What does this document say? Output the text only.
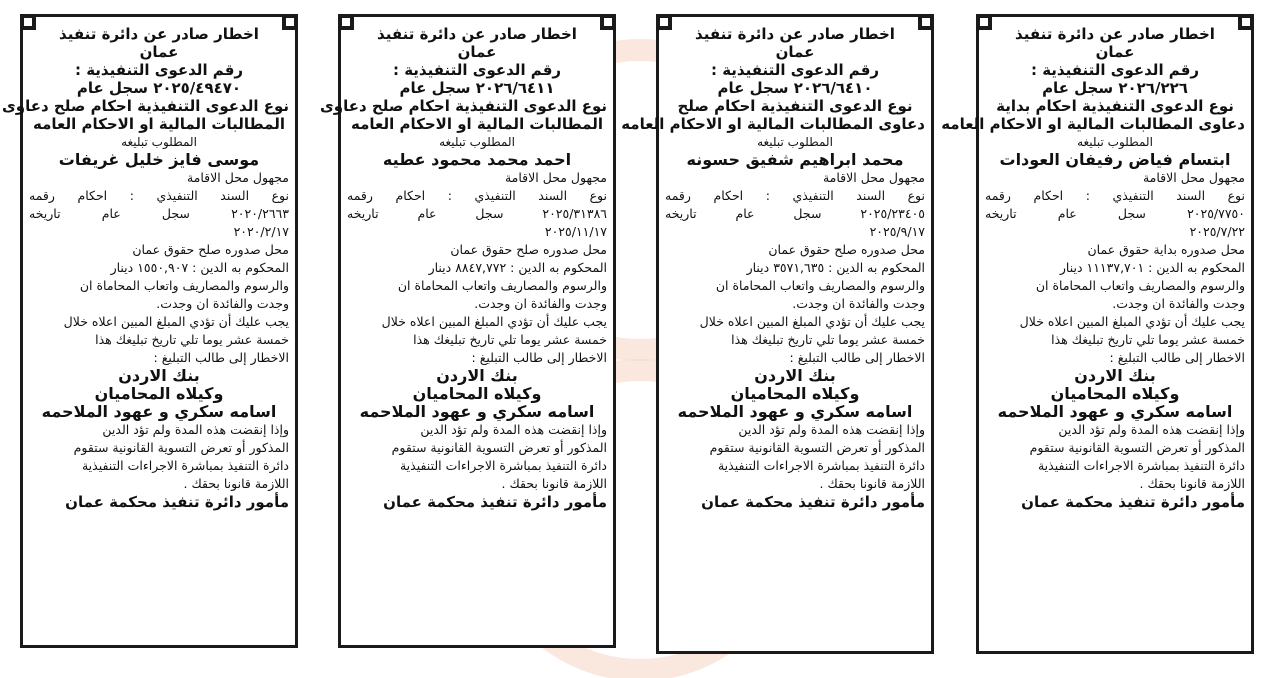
اخطار صادر عن دائرة تنفيذ
عمان
رقم الدعوى التنفيذية :
٢٠٢٥/٤٩٤٧٠ سجل عام
نوع الدعوى التنفيذية احكام صلح دعاوى
المطالبات المالية او الاحكام العامه
المطلوب تبليغه
موسى فايز خليل غريفات
مجهول محل الاقامة
نوع السند التنفيذي : احكام رقمه
٢٠٢٠/٢٦٦٣ سجل عام تاريخه
٢٠٢٠/٢/١٧
محل صدوره صلح حقوق عمان
المحكوم به الدين : ١٥٥٠,٩٠٧ دينار
والرسوم والمصاريف واتعاب المحاماة ان
وجدت والفائدة ان وجدت.
يجب عليك أن تؤدي المبلغ المبين اعلاه خلال
خمسة عشر يوما تلي تاريخ تبليغك هذا
الاخطار إلى طالب التبليغ :
بنك الاردن
وكيلاه المحاميان
اسامه سكري و عهود الملاحمه
وإذا إنقضت هذه المدة ولم تؤد الدين
المذكور أو تعرض التسوية القانونية ستقوم
دائرة التنفيذ بمباشرة الاجراءات التنفيذية
اللازمة قانونا بحقك .
مأمور دائرة تنفيذ محكمة عمان
اخطار صادر عن دائرة تنفيذ
عمان
رقم الدعوى التنفيذية :
٢٠٢٦/٦٤١١ سجل عام
نوع الدعوى التنفيذية احكام صلح دعاوى
المطالبات المالية او الاحكام العامه
المطلوب تبليغه
احمد محمد محمود عطيه
مجهول محل الاقامة
نوع السند التنفيذي : احكام رقمه
٢٠٢٥/٣١٣٨٦ سجل عام تاريخه
٢٠٢٥/١١/١٧
محل صدوره صلح حقوق عمان
المحكوم به الدين : ٨٨٤٧,٧٧٢ دينار
والرسوم والمصاريف واتعاب المحاماة ان
وجدت والفائدة ان وجدت.
يجب عليك أن تؤدي المبلغ المبين اعلاه خلال
خمسة عشر يوما تلي تاريخ تبليغك هذا
الاخطار إلى طالب التبليغ :
بنك الاردن
وكيلاه المحاميان
اسامه سكري و عهود الملاحمه
وإذا إنقضت هذه المدة ولم تؤد الدين
المذكور أو تعرض التسوية القانونية ستقوم
دائرة التنفيذ بمباشرة الاجراءات التنفيذية
اللازمة قانونا بحقك .
مأمور دائرة تنفيذ محكمة عمان
اخطار صادر عن دائرة تنفيذ
عمان
رقم الدعوى التنفيذية :
٢٠٢٦/٦٤١٠ سجل عام
نوع الدعوى التنفيذية احكام صلح
دعاوى المطالبات المالية او الاحكام العامه
المطلوب تبليغه
محمد ابراهيم شفيق حسونه
مجهول محل الاقامة
نوع السند التنفيذي : احكام رقمه
٢٠٢٥/٢٣٤٠٥ سجل عام تاريخه
٢٠٢٥/٩/١٧
محل صدوره صلح حقوق عمان
المحكوم به الدين : ٣٥٧١,٦٣٥ دينار
والرسوم والمصاريف واتعاب المحاماة ان
وجدت والفائدة ان وجدت.
يجب عليك أن تؤدي المبلغ المبين اعلاه خلال
خمسة عشر يوما تلي تاريخ تبليغك هذا
الاخطار إلى طالب التبليغ :
بنك الاردن
وكيلاه المحاميان
اسامه سكري و عهود الملاحمه
وإذا إنقضت هذه المدة ولم تؤد الدين
المذكور أو تعرض التسوية القانونية ستقوم
دائرة التنفيذ بمباشرة الاجراءات التنفيذية
اللازمة قانونا بحقك .
مأمور دائرة تنفيذ محكمة عمان
اخطار صادر عن دائرة تنفيذ
عمان
رقم الدعوى التنفيذية :
٢٠٢٦/٢٢٦ سجل عام
نوع الدعوى التنفيذية احكام بداية
دعاوى المطالبات المالية او الاحكام العامه
المطلوب تبليغه
ابتسام فياض رفيفان العودات
مجهول محل الاقامة
نوع السند التنفيذي : احكام رقمه
٢٠٢٥/٧٧٥٠ سجل عام تاريخه
٢٠٢٥/٧/٢٢
محل صدوره بداية حقوق عمان
المحكوم به الدين : ١١١٣٧,٧٠١ دينار
والرسوم والمصاريف واتعاب المحاماة ان
وجدت والفائدة ان وجدت.
يجب عليك أن تؤدي المبلغ المبين اعلاه خلال
خمسة عشر يوما تلي تاريخ تبليغك هذا
الاخطار إلى طالب التبليغ :
بنك الاردن
وكيلاه المحاميان
اسامه سكري و عهود الملاحمه
وإذا إنقضت هذه المدة ولم تؤد الدين
المذكور أو تعرض التسوية القانونية ستقوم
دائرة التنفيذ بمباشرة الاجراءات التنفيذية
اللازمة قانونا بحقك .
مأمور دائرة تنفيذ محكمة عمان
